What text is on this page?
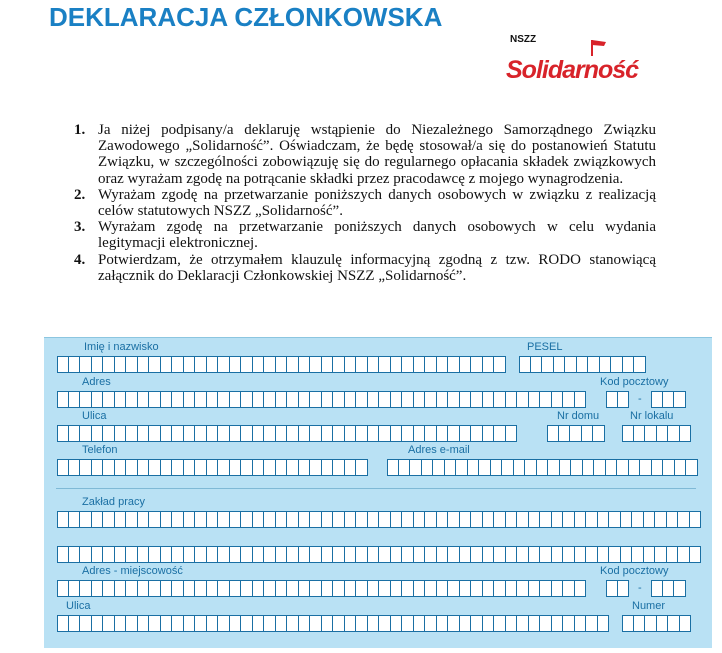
DEKLARACJA CZŁONKOWSKA
NSZZ
Solidarność
1. Ja niżej podpisany/a deklaruję wstąpienie do Niezależnego Samorządnego Związku Zawodowego „Solidarność”. Oświadczam, że będę stosował/a się do postanowień Statutu Związku, w szczególności zobowiązuję się do regularnego opłacania składek związkowych oraz wyrażam zgodę na potrącanie składki przez pracodawcę z mojego wynagrodzenia.
2. Wyrażam zgodę na przetwarzanie poniższych danych osobowych w związku z realizacją celów statutowych NSZZ „Solidarność”.
3. Wyrażam zgodę na przetwarzanie poniższych danych osobowych w celu wydania legitymacji elektronicznej.
4. Potwierdzam, że otrzymałem klauzulę informacyjną zgodną z tzw. RODO stanowiącą załącznik do Deklaracji Członkowskiej NSZZ „Solidarność”.
Imię i nazwisko	PESEL
Adres	Kod pocztowy
-
Ulica	Nr domu	Nr lokalu
Telefon	Adres e-mail
Zakład pracy
Adres - miejscowość	Kod pocztowy
-
Ulica	Numer
